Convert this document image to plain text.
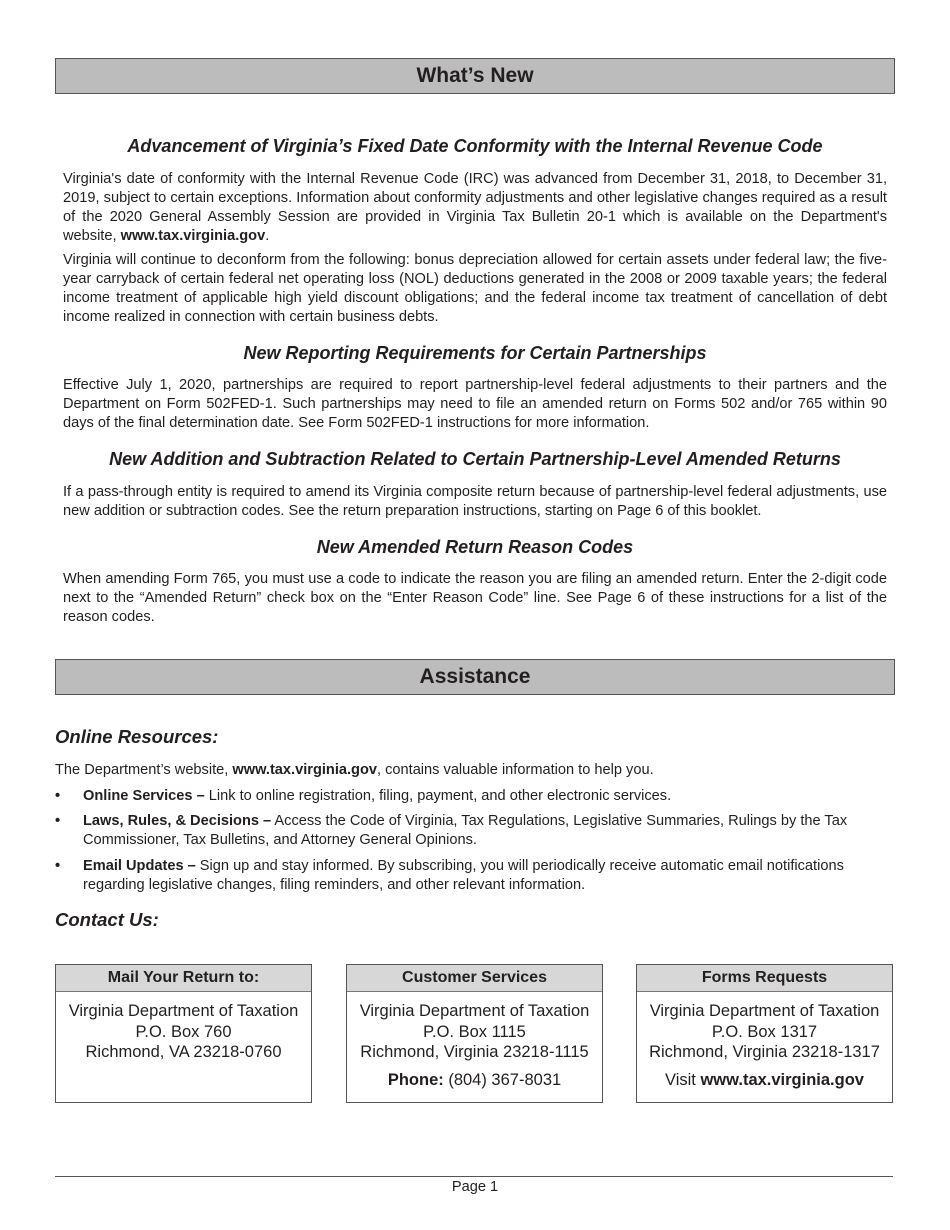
What’s New
Advancement of Virginia’s Fixed Date Conformity with the Internal Revenue Code

Virginia's date of conformity with the Internal Revenue Code (IRC) was advanced from December 31, 2018, to December 31, 2019, subject to certain exceptions. Information about conformity adjustments and other legislative changes required as a result of the 2020 General Assembly Session are provided in Virginia Tax Bulletin 20-1 which is available on the Department's website, www.tax.virginia.gov.

Virginia will continue to deconform from the following: bonus depreciation allowed for certain assets under federal law; the five-year carryback of certain federal net operating loss (NOL) deductions generated in the 2008 or 2009 taxable years; the federal income treatment of applicable high yield discount obligations; and the federal income tax treatment of cancellation of debt income realized in connection with certain business debts.

New Reporting Requirements for Certain Partnerships

Effective July 1, 2020, partnerships are required to report partnership-level federal adjustments to their partners and the Department on Form 502FED-1. Such partnerships may need to file an amended return on Forms 502 and/or 765 within 90 days of the final determination date. See Form 502FED-1 instructions for more information.

New Addition and Subtraction Related to Certain Partnership-Level Amended Returns

If a pass-through entity is required to amend its Virginia composite return because of partnership-level federal adjustments, use new addition or subtraction codes. See the return preparation instructions, starting on Page 6 of this booklet.

New Amended Return Reason Codes

When amending Form 765, you must use a code to indicate the reason you are filing an amended return. Enter the 2-digit code next to the “Amended Return” check box on the “Enter Reason Code” line. See Page 6 of these instructions for a list of the reason codes.

Assistance
Online Resources:

The Department’s website, www.tax.virginia.gov, contains valuable information to help you.

• Online Services – Link to online registration, filing, payment, and other electronic services.
• Laws, Rules, & Decisions – Access the Code of Virginia, Tax Regulations, Legislative Summaries, Rulings by the Tax Commissioner, Tax Bulletins, and Attorney General Opinions.
• Email Updates – Sign up and stay informed. By subscribing, you will periodically receive automatic email notifications regarding legislative changes, filing reminders, and other relevant information.
Contact Us:
Mail Your Return to:
Virginia Department of Taxation
P.O. Box 760
Richmond, VA 23218-0760
Customer Services
Virginia Department of Taxation
P.O. Box 1115
Richmond, Virginia 23218-1115
Phone: (804) 367-8031
Forms Requests
Virginia Department of Taxation
P.O. Box 1317
Richmond, Virginia 23218-1317
Visit www.tax.virginia.gov
Page 1
